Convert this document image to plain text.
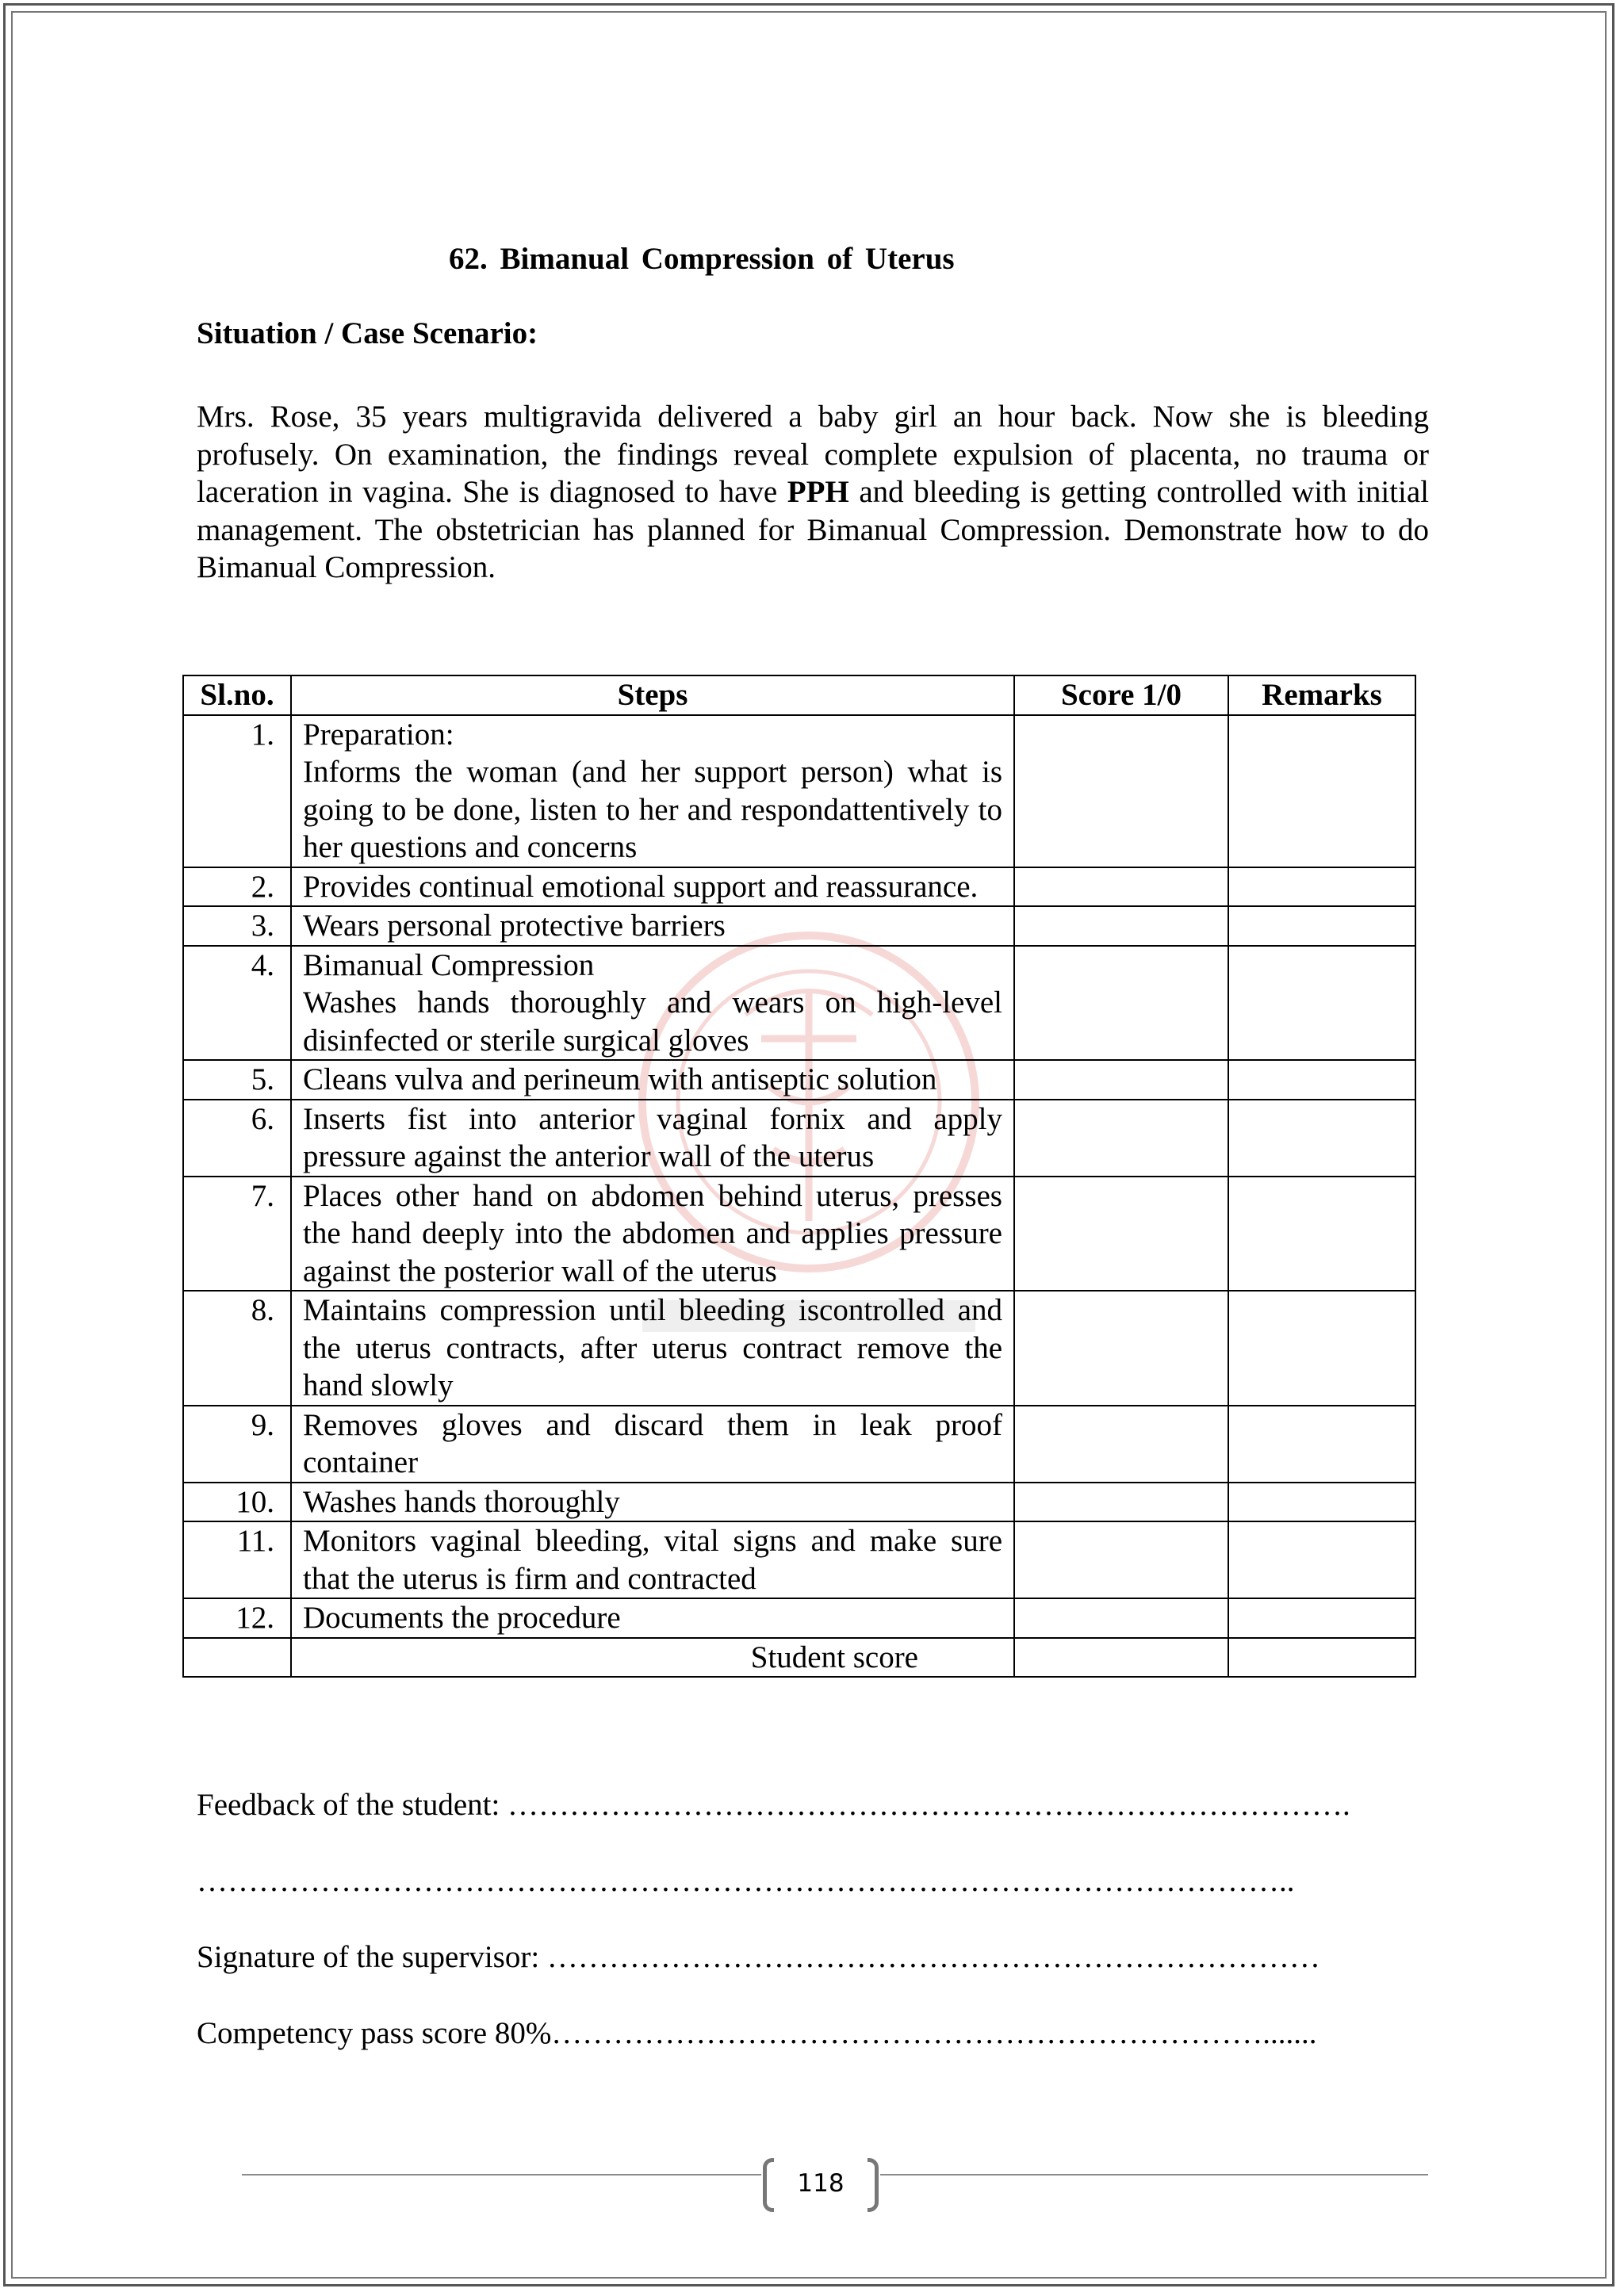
62. Bimanual Compression of Uterus
Situation / Case Scenario:

Mrs. Rose, 35 years multigravida delivered a baby girl an hour back. Now she is bleeding profusely. On examination, the findings reveal complete expulsion of placenta, no trauma or laceration in vagina. She is diagnosed to have PPH and bleeding is getting controlled with initial management. The obstetrician has planned for Bimanual Compression. Demonstrate how to do Bimanual Compression.

Sl.no.	Steps	Score 1/0	Remarks
1.	Preparation:
Informs the woman (and her support person) what is going to be done, listen to her and respondattentively to her questions and concerns		

2.	Provides continual emotional support and reassurance.		

3.	Wears personal protective barriers		

4.	Bimanual Compression
Washes hands thoroughly and wears on high-level disinfected or sterile surgical gloves		

5.	Cleans vulva and perineum with antiseptic solution		

6.	Inserts fist into anterior vaginal fornix and apply pressure against the anterior wall of the uterus		

7.	Places other hand on abdomen behind uterus, presses the hand deeply into the abdomen and applies pressure against the posterior wall of the uterus		

8.	Maintains compression until bleeding iscontrolled and the uterus contracts, after uterus contract remove the hand slowly		

9.	Removes gloves and discard them in leak proof container		

10.	Washes hands thoroughly		

11.	Monitors vaginal bleeding, vital signs and make sure that the uterus is firm and contracted		

12.	Documents the procedure		

	Student score		
Feedback of the student: ……………………………………………………………………….
……………………………………………………………………………………………..
Signature of the supervisor: …………………………………………………………………
Competency pass score 80%…………………………………………………………….......
118
